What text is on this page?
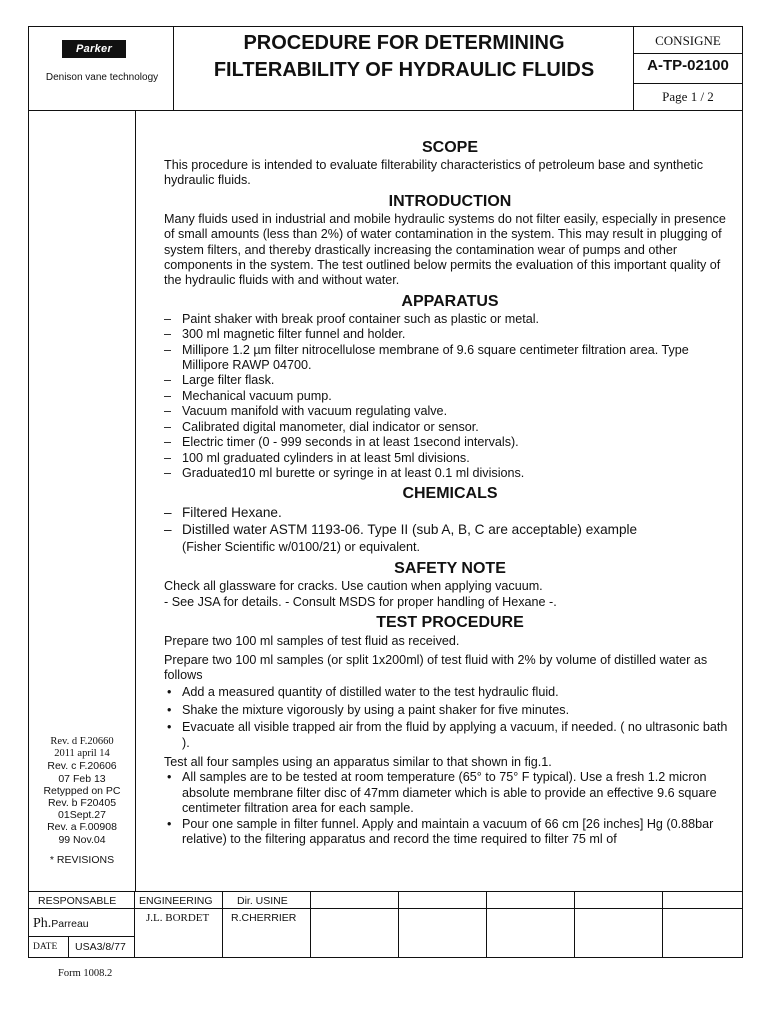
Parker
Denison vane technology
PROCEDURE FOR DETERMINING
FILTERABILITY OF HYDRAULIC FLUIDS
CONSIGNE
A-TP-02100
Page 1 / 2
SCOPE

This procedure is intended to evaluate filterability characteristics of petroleum base and synthetic hydraulic fluids.

INTRODUCTION

Many fluids used in industrial and mobile hydraulic systems do not filter easily, especially in presence of small amounts (less than 2%) of water contamination in the system. This may result in plugging of system filters, and thereby drastically increasing the contamination wear of pumps and other components in the system. The test outlined below permits the evaluation of this important quality of the hydraulic fluids with and without water.

APPARATUS
– Paint shaker with break proof container such as plastic or metal.
– 300 ml magnetic filter funnel and holder.
– Millipore 1.2 µm filter nitrocellulose membrane of 9.6 square centimeter filtration area. Type Millipore RAWP 04700.
– Large filter flask.
– Mechanical vacuum pump.
– Vacuum manifold with vacuum regulating valve.
– Calibrated digital manometer, dial indicator or sensor.
– Electric timer (0 - 999 seconds in at least 1second intervals).
– 100 ml graduated cylinders in at least 5ml divisions.
– Graduated10 ml burette or syringe in at least 0.1 ml divisions.
CHEMICALS
– Filtered Hexane.
– Distilled water ASTM 1193-06. Type II (sub A, B, C are acceptable) example
(Fisher Scientific w/0100/21) or equivalent.
SAFETY NOTE

Check all glassware for cracks. Use caution when applying vacuum.

- See JSA for details. - Consult MSDS for proper handling of Hexane -.

TEST PROCEDURE

Prepare two 100 ml samples of test fluid as received.

Prepare two 100 ml samples (or split 1x200ml) of test fluid with 2% by volume of distilled water as follows

• Add a measured quantity of distilled water to the test hydraulic fluid.
• Shake the mixture vigorously by using a paint shaker for five minutes.
• Evacuate all visible trapped air from the fluid by applying a vacuum, if needed. ( no ultrasonic bath ).

Test all four samples using an apparatus similar to that shown in fig.1.

• All samples are to be tested at room temperature (65° to 75° F typical). Use a fresh 1.2 micron absolute membrane filter disc of 47mm diameter which is able to provide an effective 9.6 square centimeter filtration area for each sample.
• Pour one sample in filter funnel. Apply and maintain a vacuum of 66 cm [26 inches] Hg (0.88bar relative) to the filtering apparatus and record the time required to filter 75 ml of
Rev. d F.20660
2011 april 14
Rev. c F.20606
07 Feb 13
Retypped on PC
Rev. b F20405
01Sept.27
Rev. a F.00908
99 Nov.04
* REVISIONS
RESPONSABLE ENGINEERING Dir. USINE
Ph.Parreau	J.L. BORDET R.CHERRIER
DATE USA3/8/77
Form 1008.2
